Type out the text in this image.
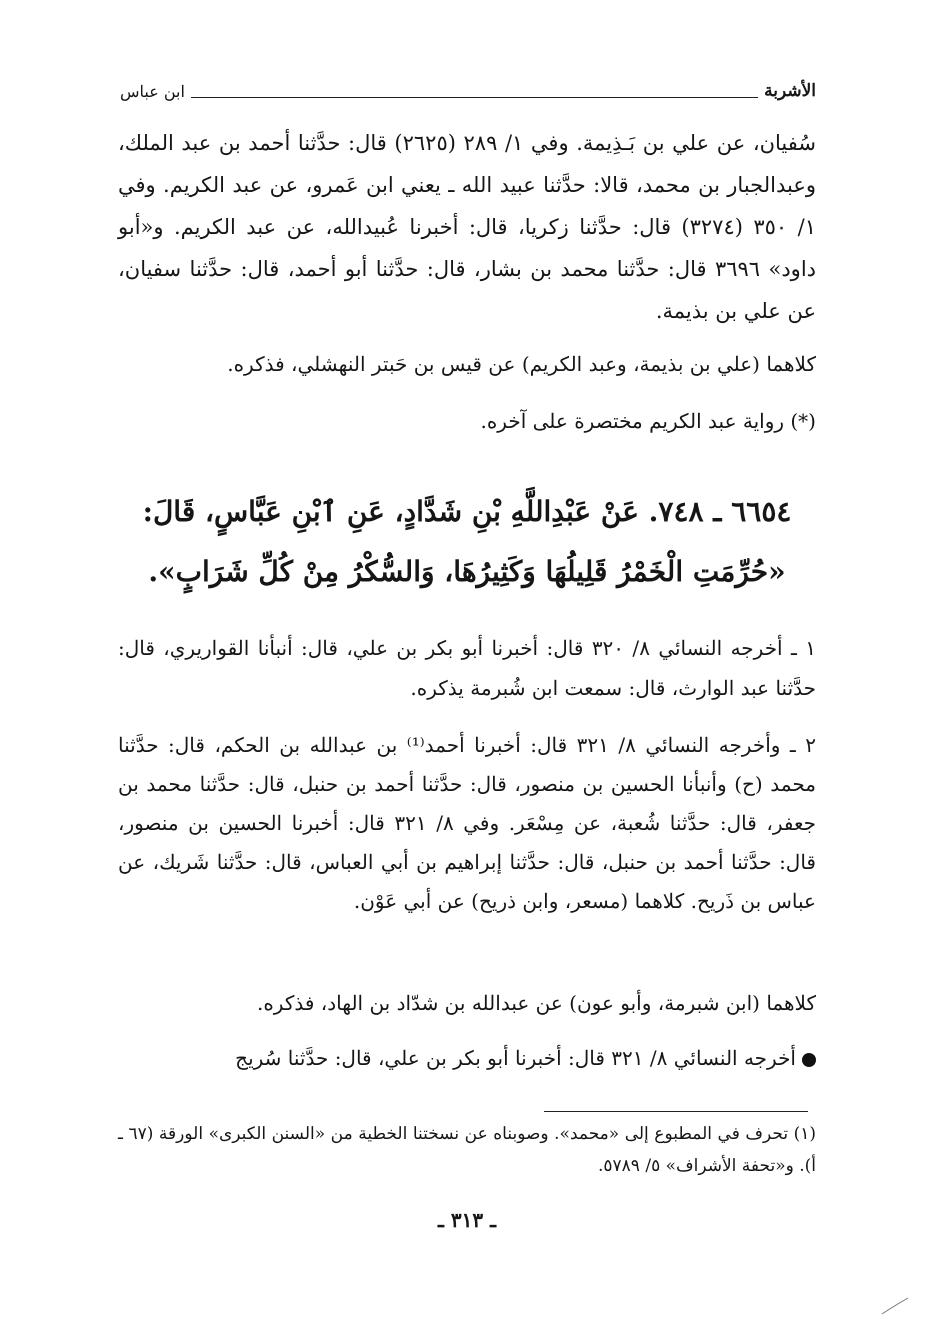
الأشربة
ابن عباس

سُفيان، عن علي بن بَـذِيمة. وفي ١/ ٢٨٩ (٢٦٢٥) قال: حدَّثنا أحمد بن عبد الملك، وعبدالجبار بن محمد، قالا: حدَّثنا عبيد الله ـ يعني ابن عَمرو، عن عبد الكريم. وفي ١/ ٣٥٠ (٣٢٧٤) قال: حدَّثنا زكريا، قال: أخبرنا عُبيدالله، عن عبد الكريم. و«أبو داود» ٣٦٩٦ قال: حدَّثنا محمد بن بشار، قال: حدَّثنا أبو أحمد، قال: حدَّثنا سفيان، عن علي بن بذيمة.

كلاهما (علي بن بذيمة، وعبد الكريم) عن قيس بن حَبتر النهشلي، فذكره.

(*) رواية عبد الكريم مختصرة على آخره.

٦٦٥٤ ـ ٧٤٨. عَنْ عَبْدِاللَّهِ بْنِ شَدَّادٍ، عَنِ ٱبْنِ عَبَّاسٍ، قَالَ:

«حُرِّمَتِ الْخَمْرُ قَلِيلُهَا وَكَثِيرُهَا، وَالسُّكْرُ مِنْ كُلِّ شَرَابٍ».

١ ـ أخرجه النسائي ٨/ ٣٢٠ قال: أخبرنا أبو بكر بن علي، قال: أنبأنا القواريري، قال: حدَّثنا عبد الوارث، قال: سمعت ابن شُبرمة يذكره.

٢ ـ وأخرجه النسائي ٨/ ٣٢١ قال: أخبرنا أحمد⁽¹⁾ بن عبدالله بن الحكم، قال: حدَّثنا محمد (ح) وأنبأنا الحسين بن منصور، قال: حدَّثنا أحمد بن حنبل، قال: حدَّثنا محمد بن جعفر، قال: حدَّثنا شُعبة، عن مِسْعَر. وفي ٨/ ٣٢١ قال: أخبرنا الحسين بن منصور، قال: حدَّثنا أحمد بن حنبل، قال: حدَّثنا إبراهيم بن أبي العباس، قال: حدَّثنا شَريك، عن عباس بن ذَريح. كلاهما (مسعر، وابن ذريح) عن أبي عَوْن.

كلاهما (ابن شبرمة، وأبو عون) عن عبدالله بن شدّاد بن الهاد، فذكره.

أخرجه النسائي ٨/ ٣٢١ قال: أخبرنا أبو بكر بن علي، قال: حدَّثنا سُريج

(١) تحرف في المطبوع إلى «محمد». وصوبناه عن نسختنا الخطية من «السنن الكبرى» الورقة (٦٧ ـ أ). و«تحفة الأشراف» ٥/ ٥٧٨٩.
ـ ٣١٣ ـ
